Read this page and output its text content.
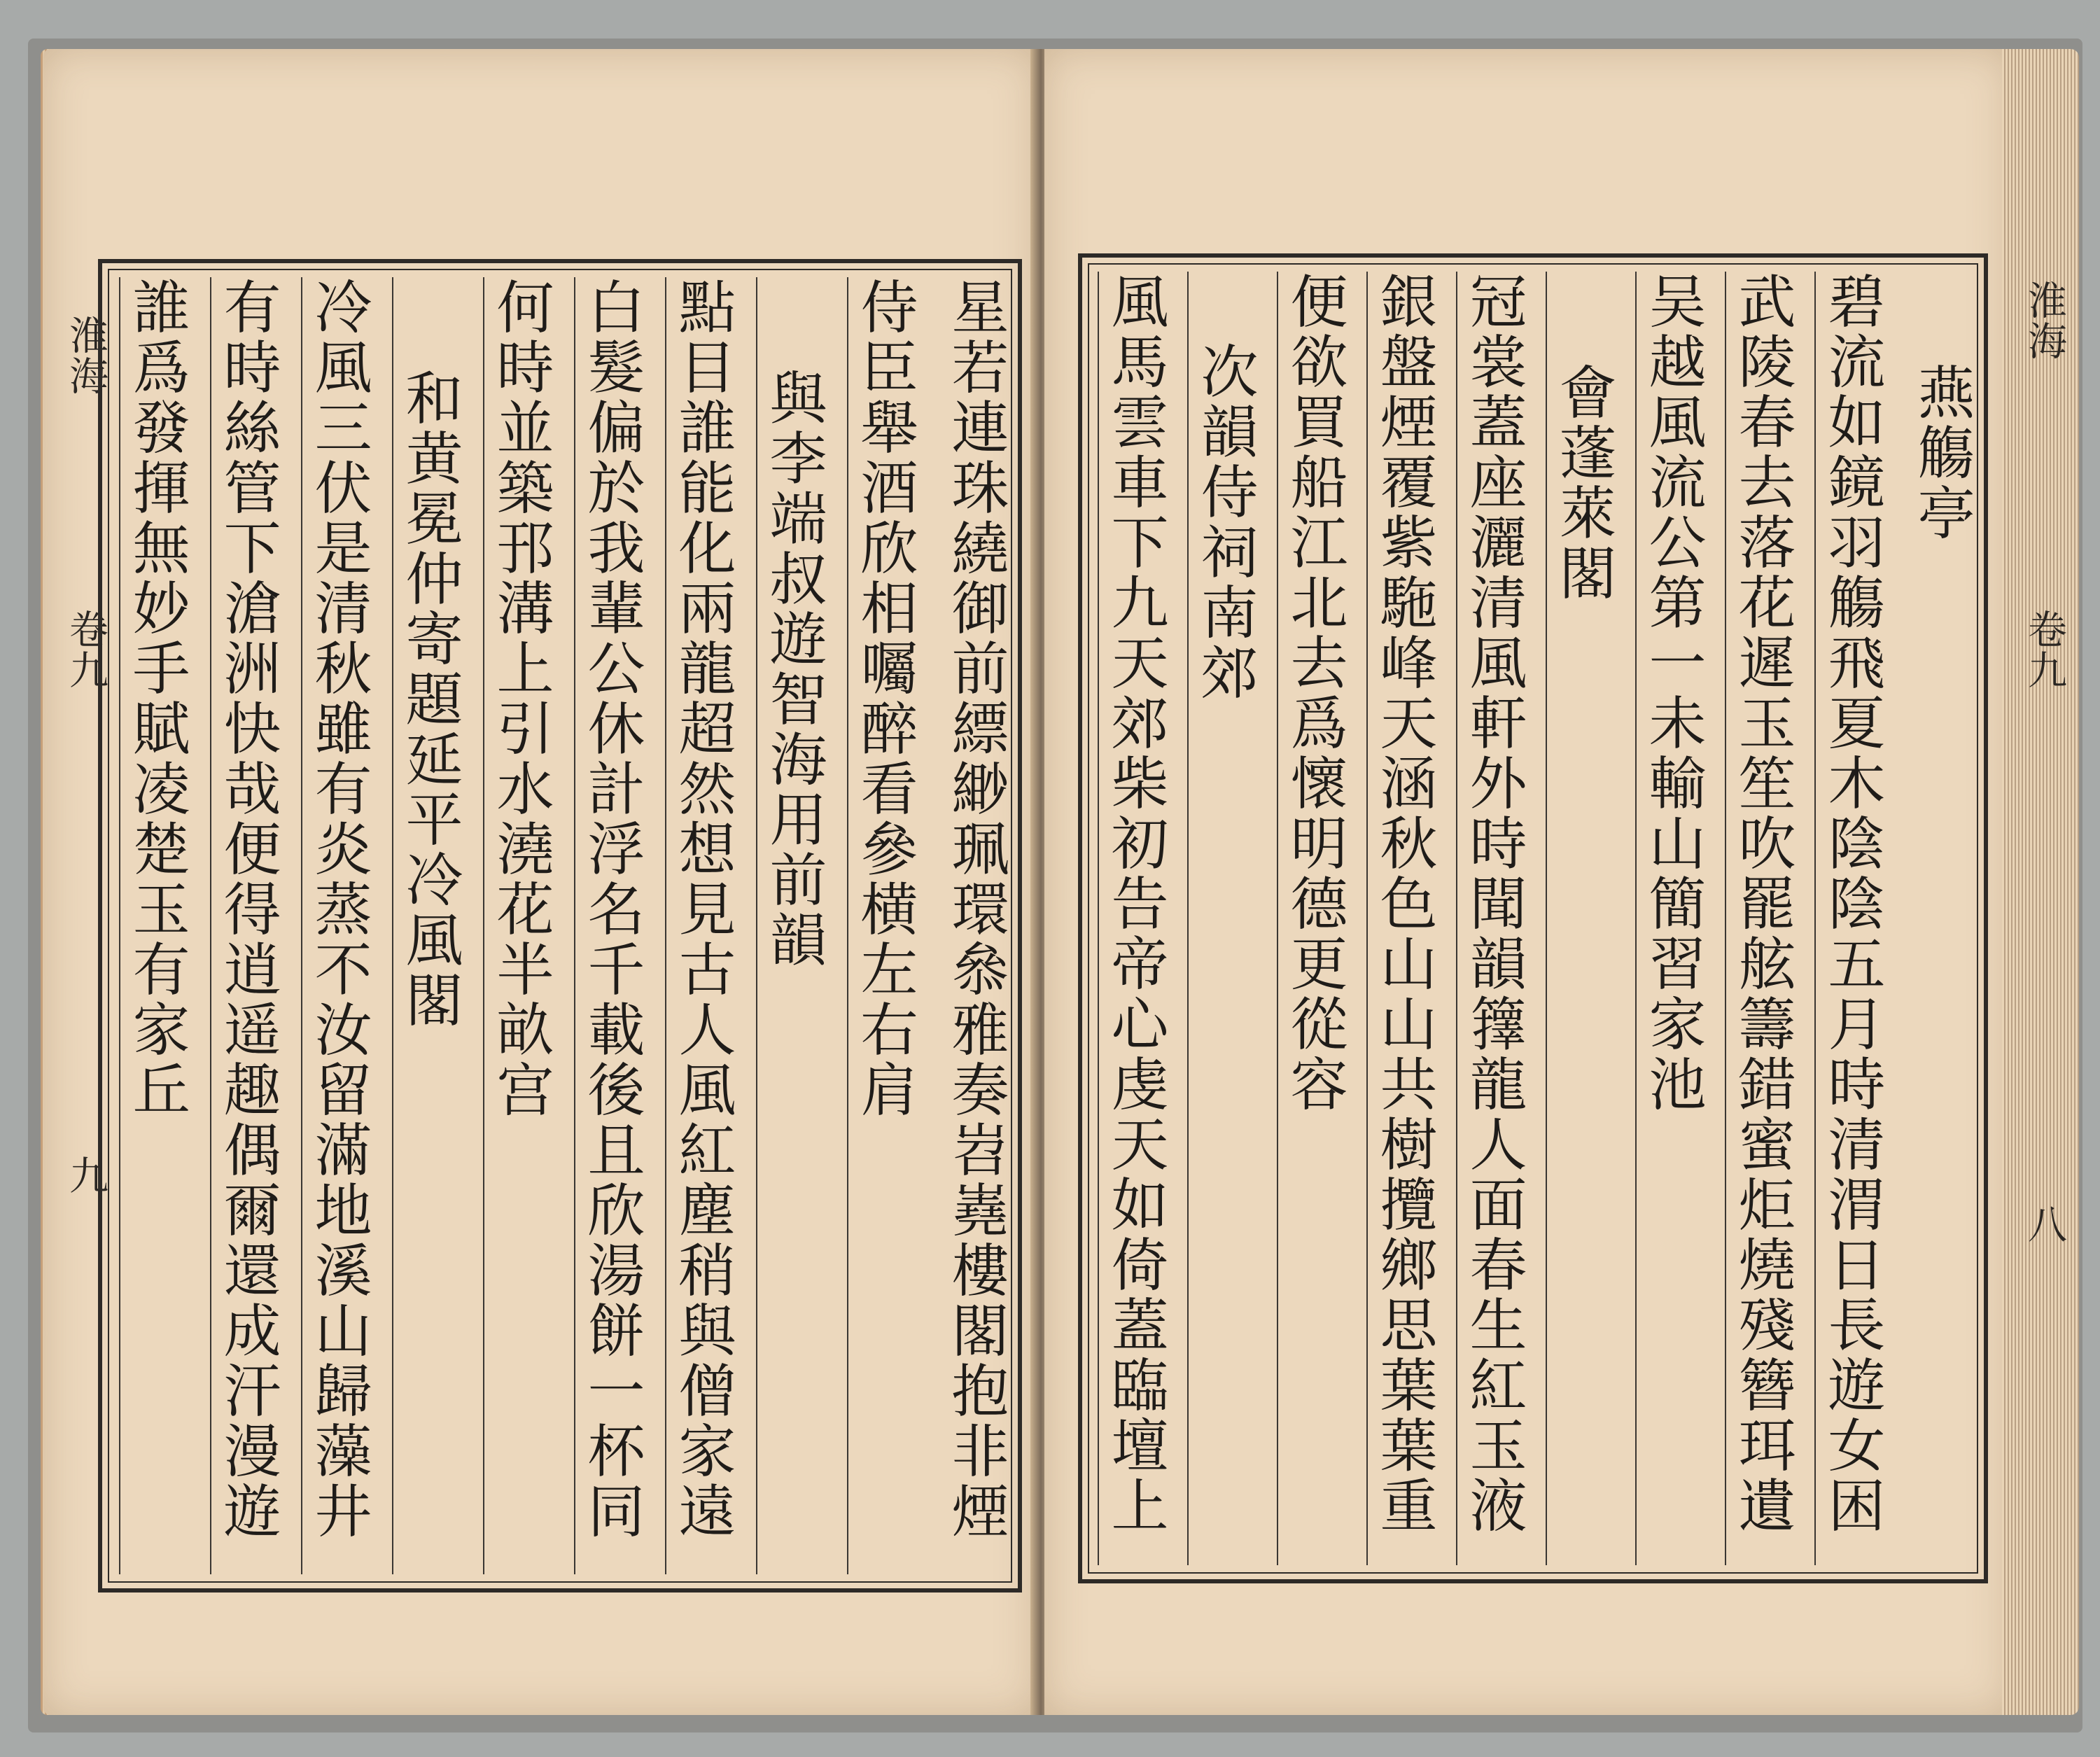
淮海
卷九
九
淮海
卷九
八
星若連珠繞御前縹緲珮環叅雅奏岧嶤樓閣抱非煙
侍臣舉酒欣相囑醉看參横左右肩
與李端叔遊智海用前韻
點目誰能化兩龍超然想見古人風紅塵稍與僧家遠
白髮偏於我輩公休計浮名千載後且欣湯餅一杯同
何時並築邘溝上引水澆花半畝宫
和黄冕仲寄題延平冷風閣
冷風三伏是清秋雖有炎蒸不汝留滿地溪山歸藻井
有時絲管下滄洲快哉便得逍遥趣偶爾還成汗漫遊
誰爲發揮無妙手賦凌楚玉有家丘	燕觴亭
碧流如鏡羽觴飛夏木陰陰五月時清渭日長遊女困
武陵春去落花遲玉笙吹罷舷籌錯蜜炬燒殘簪珥遺
吴越風流公第一未輸山簡習家池
會蓬萊閣
冠裳蓋座灑清風軒外時聞韻籜龍人面春生紅玉液
銀盤煙覆紫駞峰天涵秋色山山共樹攬鄉思葉葉重
便欲買船江北去爲懷明德更從容
次韻侍祠南郊
風馬雲車下九天郊柴初告帝心虔天如倚蓋臨壇上
